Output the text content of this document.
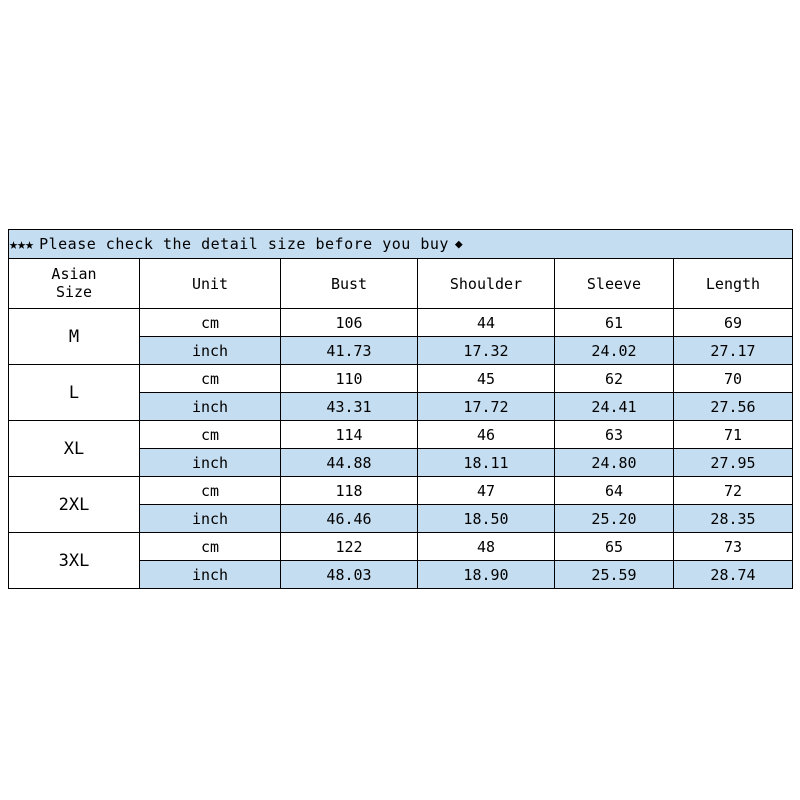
★★★ Please check the detail size before you buy ◆					

Asian
Size	Unit	Bust	Shoulder	Sleeve	Length
M	cm	106	44	61	69
	inch	41.73	17.32	24.02	27.17
L	cm	110	45	62	70
	inch	43.31	17.72	24.41	27.56
XL	cm	114	46	63	71
	inch	44.88	18.11	24.80	27.95
2XL	cm	118	47	64	72
	inch	46.46	18.50	25.20	28.35
3XL	cm	122	48	65	73
	inch	48.03	18.90	25.59	28.74
